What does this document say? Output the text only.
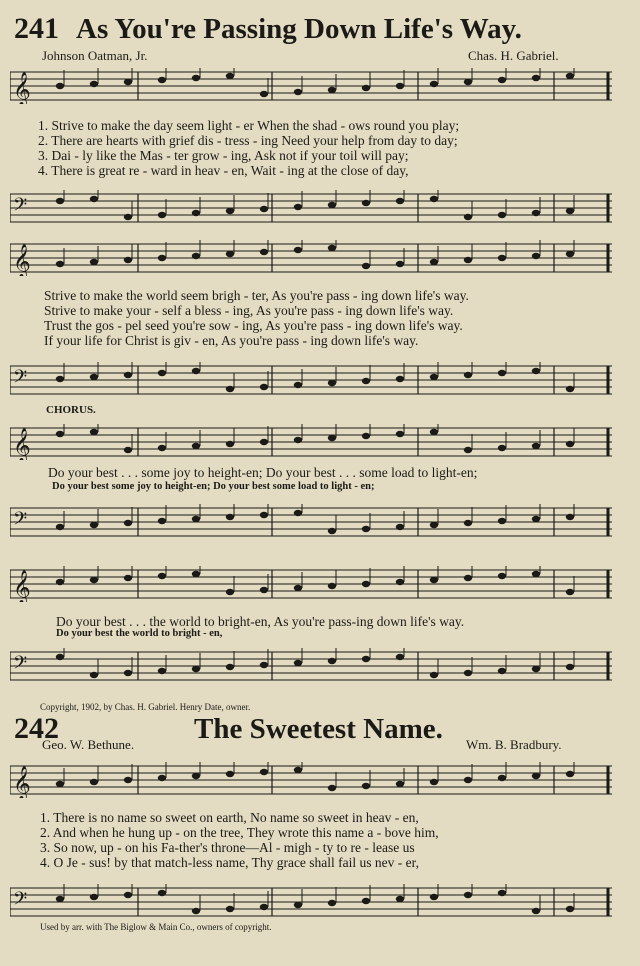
241 As You're Passing Down Life's Way.
Johnson Oatman, Jr.	Chas. H. Gabriel.
𝄞
1. Strive to make the day seem light - er When the shad - ows round you play;
2. There are hearts with grief dis - tress - ing Need your help from day to day;
3. Dai - ly like the Mas - ter grow - ing, Ask not if your toil will pay;
4. There is great re - ward in heav - en, Wait - ing at the close of day,
𝄢
𝄞
Strive to make the world seem brigh - ter, As you're pass - ing down life's way.
Strive to make your - self a bless - ing, As you're pass - ing down life's way.
Trust the gos - pel seed you're sow - ing, As you're pass - ing down life's way.
If your life for Christ is giv - en, As you're pass - ing down life's way.
𝄢
CHORUS.
𝄞
Do your best . . . some joy to height-en; Do your best . . . some load to light-en;
Do your best some joy to height-en; Do your best some load to light - en;
𝄢
𝄞
Do your best . . . the world to bright-en, As you're pass-ing down life's way.
Do your best the world to bright - en,
𝄢
Copyright, 1902, by Chas. H. Gabriel. Henry Date, owner.
242	The Sweetest Name.
Geo. W. Bethune.	Wm. B. Bradbury.
𝄞
1. There is no name so sweet on earth, No name so sweet in heav - en,
2. And when he hung up - on the tree, They wrote this name a - bove him,
3. So now, up - on his Fa-ther's throne—Al - migh - ty to re - lease us
4. O Je - sus! by that match-less name, Thy grace shall fail us nev - er,
𝄢
Used by arr. with The Biglow & Main Co., owners of copyright.
